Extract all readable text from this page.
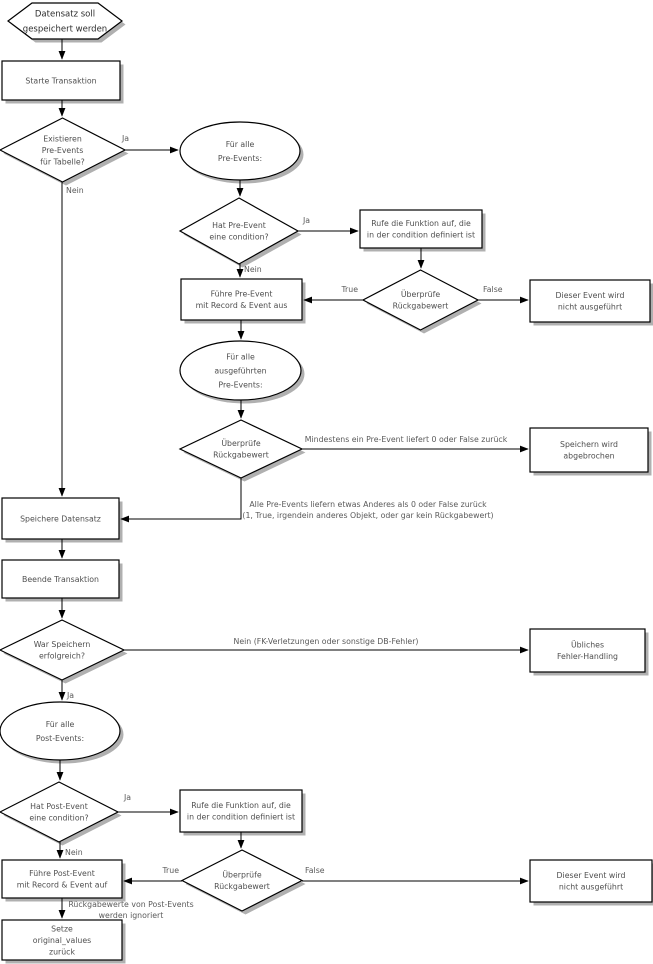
Datensatz soll gespeichert werden
Starte Transaktion
Existieren Pre-Events für Tabelle?
Für alle Pre-Events:
Hat Pre-Event eine condition?
Rufe die Funktion auf, die in der condition definiert ist
Führe Pre-Event mit Record & Event aus
Überprüfe Rückgabewert
Dieser Event wird nicht ausgeführt
Für alle ausgeführten Pre-Events:
Überprüfe Rückgabewert
Speichern wird abgebrochen
Speichere Datensatz
Beende Transaktion
War Speichern erfolgreich?
Übliches Fehler-Handling
Für alle Post-Events:
Hat Post-Event eine condition?
Rufe die Funktion auf, die in der condition definiert ist
Überprüfe Rückgabewert
Führe Post-Event mit Record & Event auf
Dieser Event wird nicht ausgeführt
Setze original_values zurück
Ja
Nein
Ja
Nein
True	False
Mindestens ein Pre-Event liefert 0 oder False zurück
Alle Pre-Events liefern etwas Anderes als 0 oder False zurück
(1, True, irgendein anderes Objekt, oder gar kein Rückgabewert)
Nein (FK-Verletzungen oder sonstige DB-Fehler)
Ja
Ja
Nein
True	False
Rückgabewerte von Post-Events
werden ignoriert
